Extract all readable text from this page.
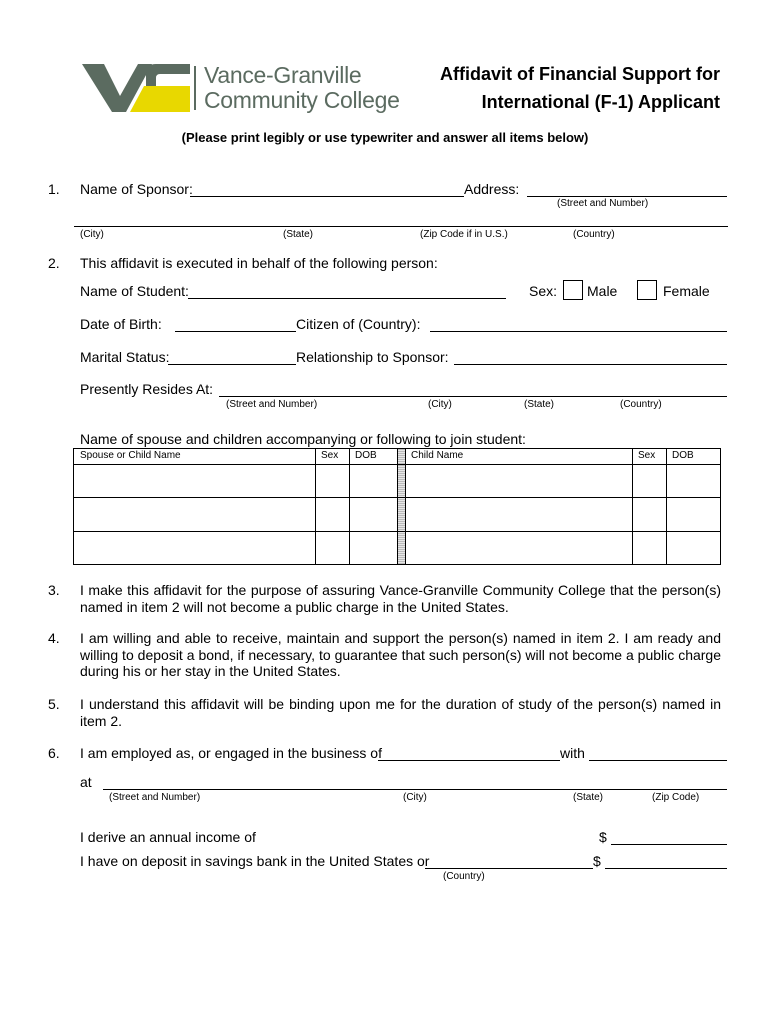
Vance-Granville
Community College
Affidavit of Financial Support for
International (F-1) Applicant
(Please print legibly or use typewriter and answer all items below)
1. Name of Sponsor:	Address:
(Street and Number)
(City)	(State)	(Zip Code if in U.S.)	(Country)
2. This affidavit is executed in behalf of the following person:
Name of Student:	Sex: Male	Female
Date of Birth:	Citizen of (Country):
Marital Status:	Relationship to Sponsor:
Presently Resides At:
(Street and Number)	(City)	(State)	(Country)
Name of spouse and children accompanying or following to join student:
Spouse or Child Name	Sex	DOB	Child Name	Sex	DOB
3. I make this affidavit for the purpose of assuring Vance-Granville Community College that the person(s) named in item 2 will not become a public charge in the United States.
4. I am willing and able to receive, maintain and support the person(s) named in item 2. I am ready and willing to deposit a bond, if necessary, to guarantee that such person(s) will not become a public charge during his or her stay in the United States.
5. I understand this affidavit will be binding upon me for the duration of study of the person(s) named in item 2.
6. I am employed as, or engaged in the business of	with
at
(Street and Number)	(City)	(State)	(Zip Code)
I derive an annual income of	$
I have on deposit in savings bank in the United States or	$
(Country)
